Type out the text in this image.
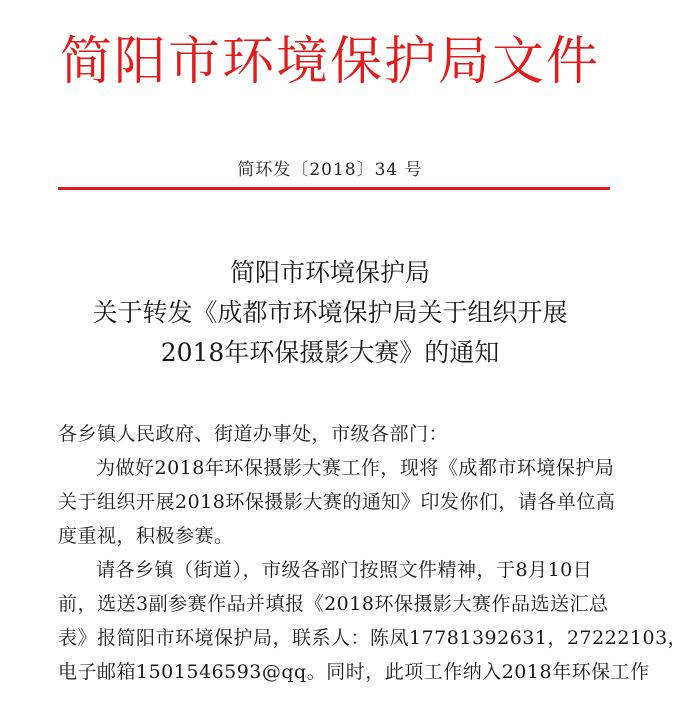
简阳市环境保护局文件
简环发〔2018〕34 号
简阳市环境保护局
关于转发《成都市环境保护局关于组织开展
2018年环保摄影大赛》的通知
各乡镇人民政府、街道办事处，市级各部门：
为做好2018年环保摄影大赛工作，现将《成都市环境保护局
关于组织开展2018环保摄影大赛的通知》印发你们，请各单位高
度重视，积极参赛。
请各乡镇（街道），市级各部门按照文件精神，于8月10日
前，选送3副参赛作品并填报《2018环保摄影大赛作品选送汇总
表》报简阳市环境保护局，联系人：陈凤17781392631，27222103，
电子邮箱1501546593@qq。同时，此项工作纳入2018年环保工作
